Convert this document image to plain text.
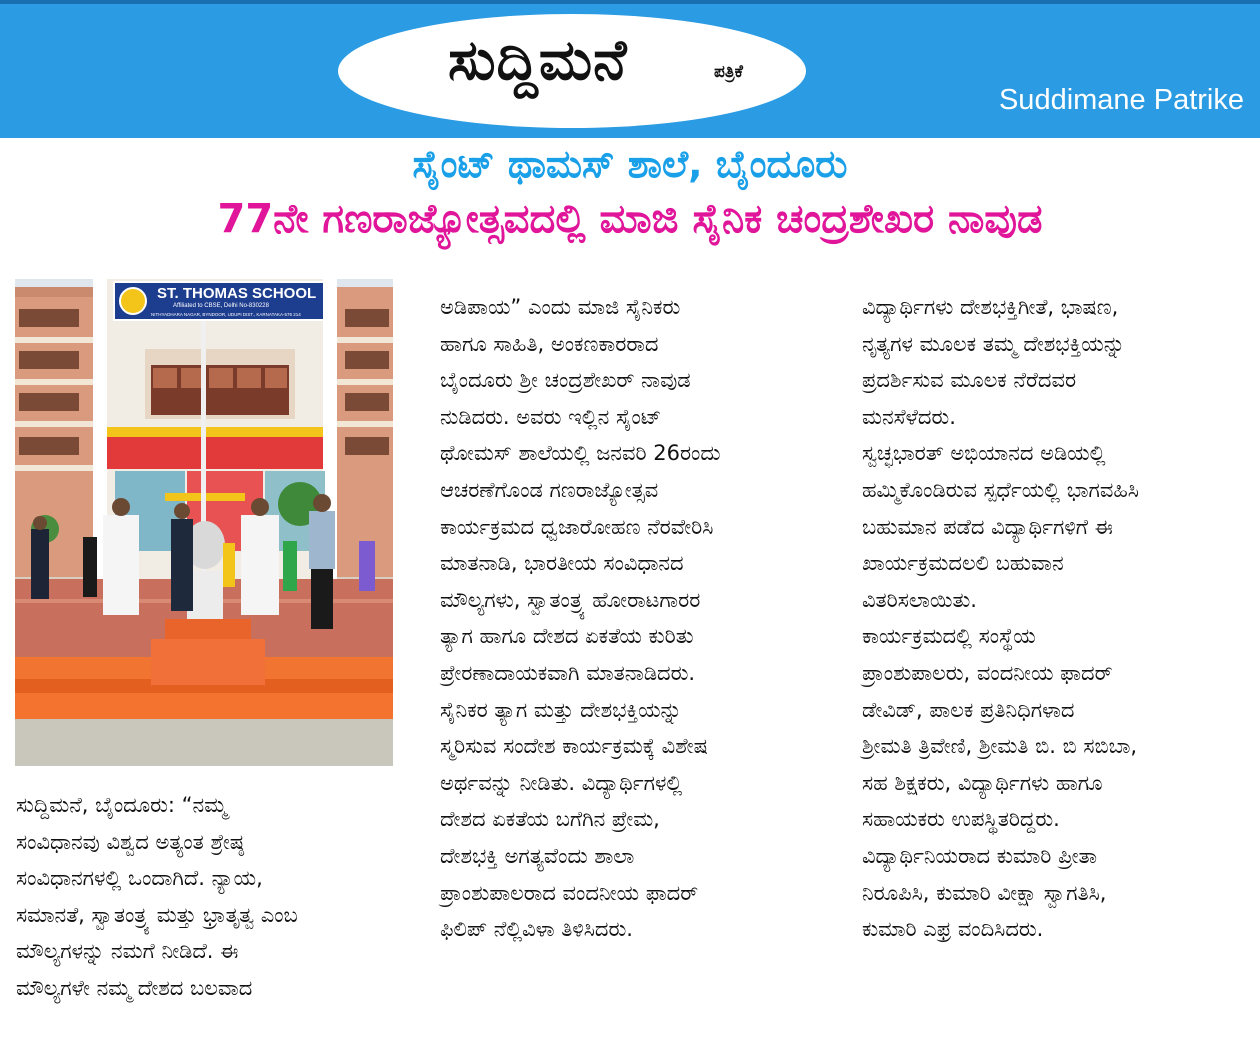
ಸುದ್ದಿಮನೆ	ಪತ್ರಿಕೆ
Suddimane Patrike
ಸೈಂಟ್ ಥಾಮಸ್ ಶಾಲೆ, ಬೈಂದೂರು
77ನೇ ಗಣರಾಜ್ಯೋತ್ಸವದಲ್ಲಿ ಮಾಜಿ ಸೈನಿಕ ಚಂದ್ರಶೇಖರ ನಾವುಡ
ST. THOMAS SCHOOL
Affiliated to CBSE, Delhi No-830228
NITHYADHARA NAGAR, BYNDOOR, UDUPI DIST., KARNATAKA-576 214

ಸುದ್ದಿಮನೆ, ಬೈಂದೂರು: “ನಮ್ಮ

ಸಂವಿಧಾನವು ವಿಶ್ವದ ಅತ್ಯಂತ ಶ್ರೇಷ್ಠ

ಸಂವಿಧಾನಗಳಲ್ಲಿ ಒಂದಾಗಿದೆ. ನ್ಯಾಯ,

ಸಮಾನತೆ, ಸ್ವಾತಂತ್ರ್ಯ ಮತ್ತು ಭ್ರಾತೃತ್ವ ಎಂಬ

ಮೌಲ್ಯಗಳನ್ನು ನಮಗೆ ನೀಡಿದೆ. ಈ

ಮೌಲ್ಯಗಳೇ ನಮ್ಮ ದೇಶದ ಬಲವಾದ

ಅಡಿಪಾಯ” ಎಂದು ಮಾಜಿ ಸೈನಿಕರು

ಹಾಗೂ ಸಾಹಿತಿ, ಅಂಕಣಕಾರರಾದ

ಬೈಂದೂರು ಶ್ರೀ ಚಂದ್ರಶೇಖರ್ ನಾವುಡ

ನುಡಿದರು. ಅವರು ಇಲ್ಲಿನ ಸೈಂಟ್

ಥೋಮಸ್ ಶಾಲೆಯಲ್ಲಿ ಜನವರಿ 26ರಂದು

ಆಚರಣೆಗೊಂಡ ಗಣರಾಜ್ಯೋತ್ಸವ

ಕಾರ್ಯಕ್ರಮದ ಧ್ವಜಾರೋಹಣ ನೆರವೇರಿಸಿ

ಮಾತನಾಡಿ, ಭಾರತೀಯ ಸಂವಿಧಾನದ

ಮೌಲ್ಯಗಳು, ಸ್ವಾತಂತ್ರ್ಯ ಹೋರಾಟಗಾರರ

ತ್ಯಾಗ ಹಾಗೂ ದೇಶದ ಏಕತೆಯ ಕುರಿತು

ಪ್ರೇರಣಾದಾಯಕವಾಗಿ ಮಾತನಾಡಿದರು.

ಸೈನಿಕರ ತ್ಯಾಗ ಮತ್ತು ದೇಶಭಕ್ತಿಯನ್ನು

ಸ್ಮರಿಸುವ ಸಂದೇಶ ಕಾರ್ಯಕ್ರಮಕ್ಕೆ ವಿಶೇಷ

ಅರ್ಥವನ್ನು ನೀಡಿತು. ವಿದ್ಯಾರ್ಥಿಗಳಲ್ಲಿ

ದೇಶದ ಏಕತೆಯ ಬಗೆಗಿನ ಪ್ರೇಮ,

ದೇಶಭಕ್ತಿ ಅಗತ್ಯವೆಂದು ಶಾಲಾ

ಪ್ರಾಂಶುಪಾಲರಾದ ವಂದನೀಯ ಫಾದರ್

ಫಿಲಿಪ್ ನೆಲ್ಲಿವಿಳಾ ತಿಳಿಸಿದರು.

ವಿದ್ಯಾರ್ಥಿಗಳು ದೇಶಭಕ್ತಿಗೀತೆ, ಭಾಷಣ,

ನೃತ್ಯಗಳ ಮೂಲಕ ತಮ್ಮ ದೇಶಭಕ್ತಿಯನ್ನು

ಪ್ರದರ್ಶಿಸುವ ಮೂಲಕ ನೆರೆದವರ

ಮನಸೆಳೆದರು.

ಸ್ವಚ್ಛಭಾರತ್ ಅಭಿಯಾನದ ಅಡಿಯಲ್ಲಿ

ಹಮ್ಮಿಕೊಂಡಿರುವ ಸ್ಪರ್ಧೆಯಲ್ಲಿ ಭಾಗವಹಿಸಿ

ಬಹುಮಾನ ಪಡೆದ ವಿದ್ಯಾರ್ಥಿಗಳಿಗೆ ಈ

ಖಾರ್ಯಕ್ರಮದಲಲಿ ಬಹುವಾನ

ವಿತರಿಸಲಾಯಿತು.

ಕಾರ್ಯಕ್ರಮದಲ್ಲಿ ಸಂಸ್ಥೆಯ

ಪ್ರಾಂಶುಪಾಲರು, ವಂದನೀಯ ಫಾದರ್

ಡೇವಿಡ್, ಪಾಲಕ ಪ್ರತಿನಿಧಿಗಳಾದ

ಶ್ರೀಮತಿ ತ್ರಿವೇಣಿ, ಶ್ರೀಮತಿ ಬಿ. ಬಿ ಸಬಿಬಾ,

ಸಹ ಶಿಕ್ಷಕರು, ವಿದ್ಯಾರ್ಥಿಗಳು ಹಾಗೂ

ಸಹಾಯಕರು ಉಪಸ್ಥಿತರಿದ್ದರು.

ವಿದ್ಯಾರ್ಥಿನಿಯರಾದ ಕುಮಾರಿ ಪ್ರೀತಾ

ನಿರೂಪಿಸಿ, ಕುಮಾರಿ ವೀಕ್ಷಾ ಸ್ವಾಗತಿಸಿ,

ಕುಮಾರಿ ಎಫ್ರ ವಂದಿಸಿದರು.
